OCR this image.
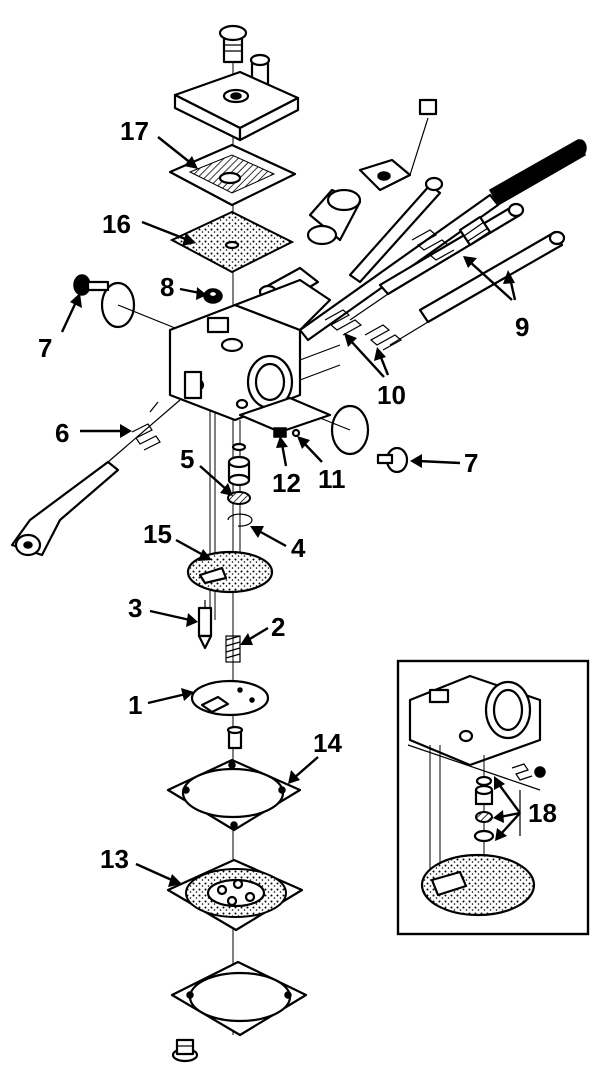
17
16
8
7
9
10
6
7
12 11
5
15	4
3
2
1
14
13
18
